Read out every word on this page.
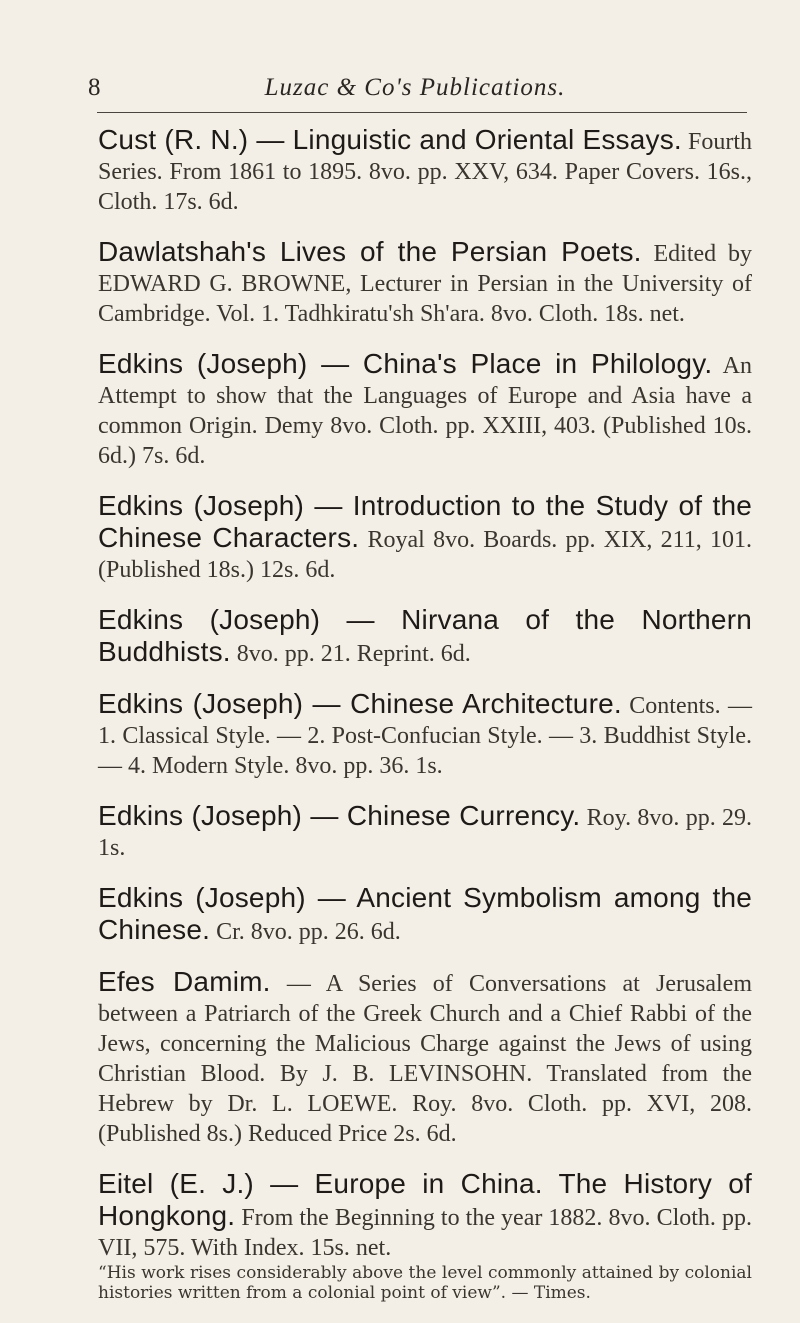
8	Luzac & Co's Publications.

Cust (R. N.) — Linguistic and Oriental Essays. Fourth Series. From 1861 to 1895. 8vo. pp. XXV, 634. Paper Covers. 16s., Cloth. 17s. 6d.

Dawlatshah's Lives of the Persian Poets. Edited by EDWARD G. BROWNE, Lecturer in Persian in the University of Cambridge. Vol. 1. Tadhkiratu'sh Sh'ara. 8vo. Cloth. 18s. net.

Edkins (Joseph) — China's Place in Philology. An Attempt to show that the Languages of Europe and Asia have a common Origin. Demy 8vo. Cloth. pp. XXIII, 403. (Published 10s. 6d.) 7s. 6d.

Edkins (Joseph) — Introduction to the Study of the Chinese Characters. Royal 8vo. Boards. pp. XIX, 211, 101. (Published 18s.) 12s. 6d.

Edkins (Joseph) — Nirvana of the Northern Buddhists. 8vo. pp. 21. Reprint. 6d.

Edkins (Joseph) — Chinese Architecture. Contents. — 1. Classical Style. — 2. Post-Confucian Style. — 3. Buddhist Style. — 4. Modern Style. 8vo. pp. 36. 1s.

Edkins (Joseph) — Chinese Currency. Roy. 8vo. pp. 29. 1s.

Edkins (Joseph) — Ancient Symbolism among the Chinese. Cr. 8vo. pp. 26. 6d.

Efes Damim. — A Series of Conversations at Jerusalem between a Patriarch of the Greek Church and a Chief Rabbi of the Jews, concerning the Malicious Charge against the Jews of using Christian Blood. By J. B. LEVINSOHN. Translated from the Hebrew by Dr. L. LOEWE. Roy. 8vo. Cloth. pp. XVI, 208. (Published 8s.) Reduced Price 2s. 6d.

Eitel (E. J.) — Europe in China. The History of Hongkong. From the Beginning to the year 1882. 8vo. Cloth. pp. VII, 575. With Index. 15s. net.

“His work rises considerably above the level commonly attained by colonial histories written from a colonial point of view”. — Times.
